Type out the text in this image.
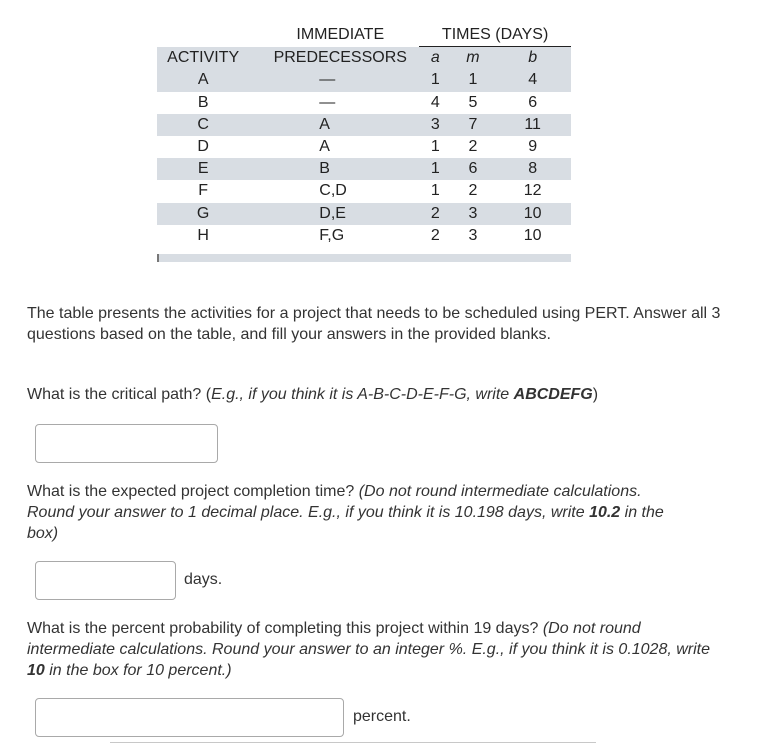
	IMMEDIATE	TIMES (DAYS)		
ACTIVITY	PREDECESSORS	a	m	b
A	—	1	1	4
B	—	4	5	6
C	A	3	7	11
D	A	1	2	9
E	B	1	6	8
F	C,D	1	2	12
G	D,E	2	3	10
H	F,G	2	3	10

The table presents the activities for a project that needs to be scheduled using PERT. Answer all 3 questions based on the table, and fill your answers in the provided blanks.

What is the critical path? (E.g., if you think it is A-B-C-D-E-F-G, write ABCDEFG)

What is the expected project completion time? (Do not round intermediate calculations. Round your answer to 1 decimal place. E.g., if you think it is 10.198 days, write 10.2 in the box)

days.

What is the percent probability of completing this project within 19 days? (Do not round intermediate calculations. Round your answer to an integer %. E.g., if you think it is 0.1028, write 10 in the box for 10 percent.)

percent.
